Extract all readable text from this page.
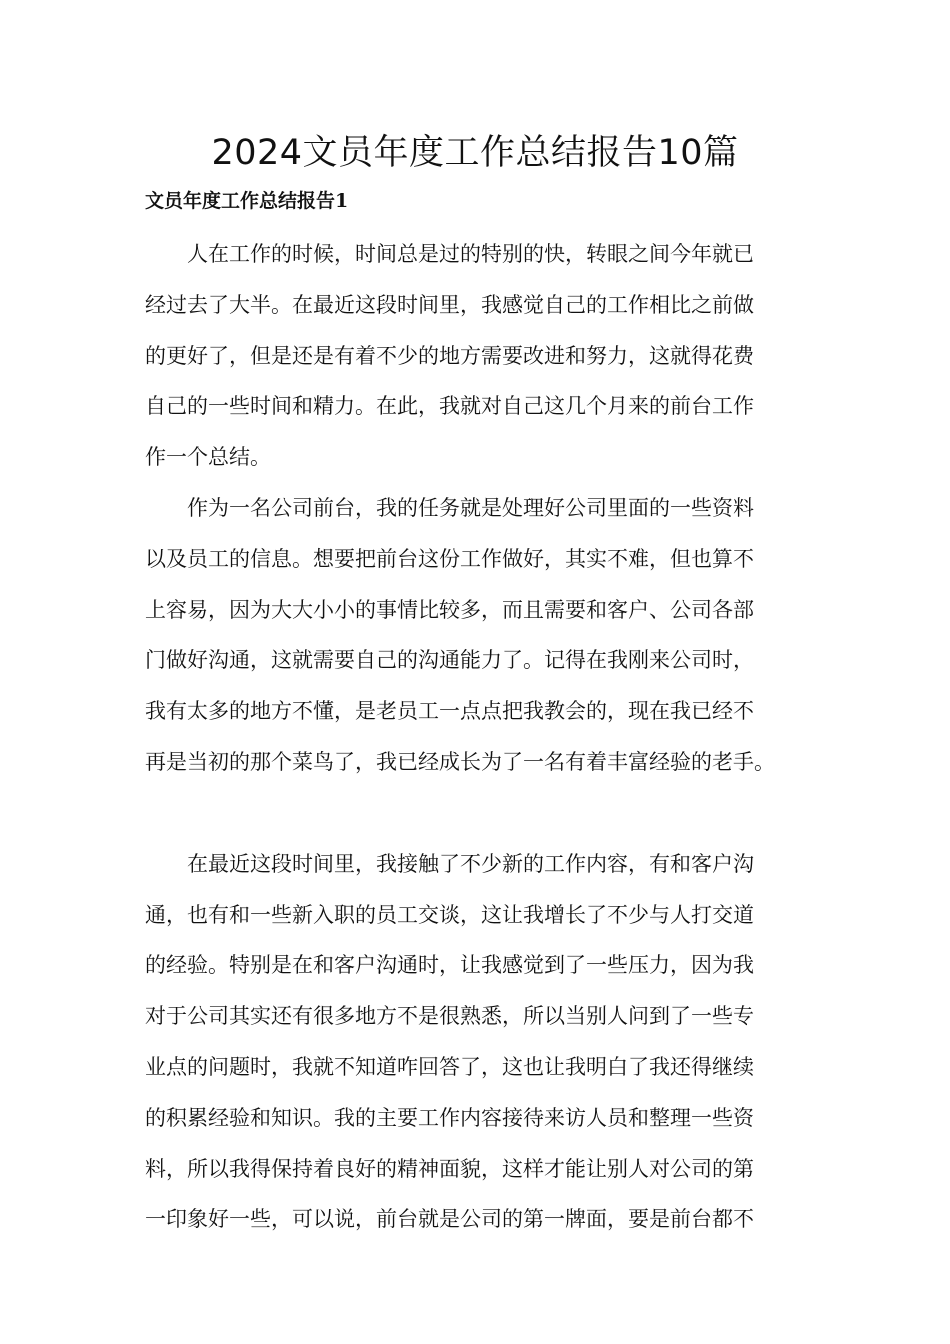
2024文员年度工作总结报告10篇
文员年度工作总结报告1

人在工作的时候，时间总是过的特别的快，转眼之间今年就已
经过去了大半。在最近这段时间里，我感觉自己的工作相比之前做
的更好了，但是还是有着不少的地方需要改进和努力，这就得花费
自己的一些时间和精力。在此，我就对自己这几个月来的前台工作
作一个总结。

作为一名公司前台，我的任务就是处理好公司里面的一些资料
以及员工的信息。想要把前台这份工作做好，其实不难，但也算不
上容易，因为大大小小的事情比较多，而且需要和客户、公司各部
门做好沟通，这就需要自己的沟通能力了。记得在我刚来公司时，
我有太多的地方不懂，是老员工一点点把我教会的，现在我已经不
再是当初的那个菜鸟了，我已经成长为了一名有着丰富经验的老手。

在最近这段时间里，我接触了不少新的工作内容，有和客户沟
通，也有和一些新入职的员工交谈，这让我增长了不少与人打交道
的经验。特别是在和客户沟通时，让我感觉到了一些压力，因为我
对于公司其实还有很多地方不是很熟悉，所以当别人问到了一些专
业点的问题时，我就不知道咋回答了，这也让我明白了我还得继续
的积累经验和知识。我的主要工作内容接待来访人员和整理一些资
料，所以我得保持着良好的精神面貌，这样才能让别人对公司的第
一印象好一些，可以说，前台就是公司的第一牌面，要是前台都不
